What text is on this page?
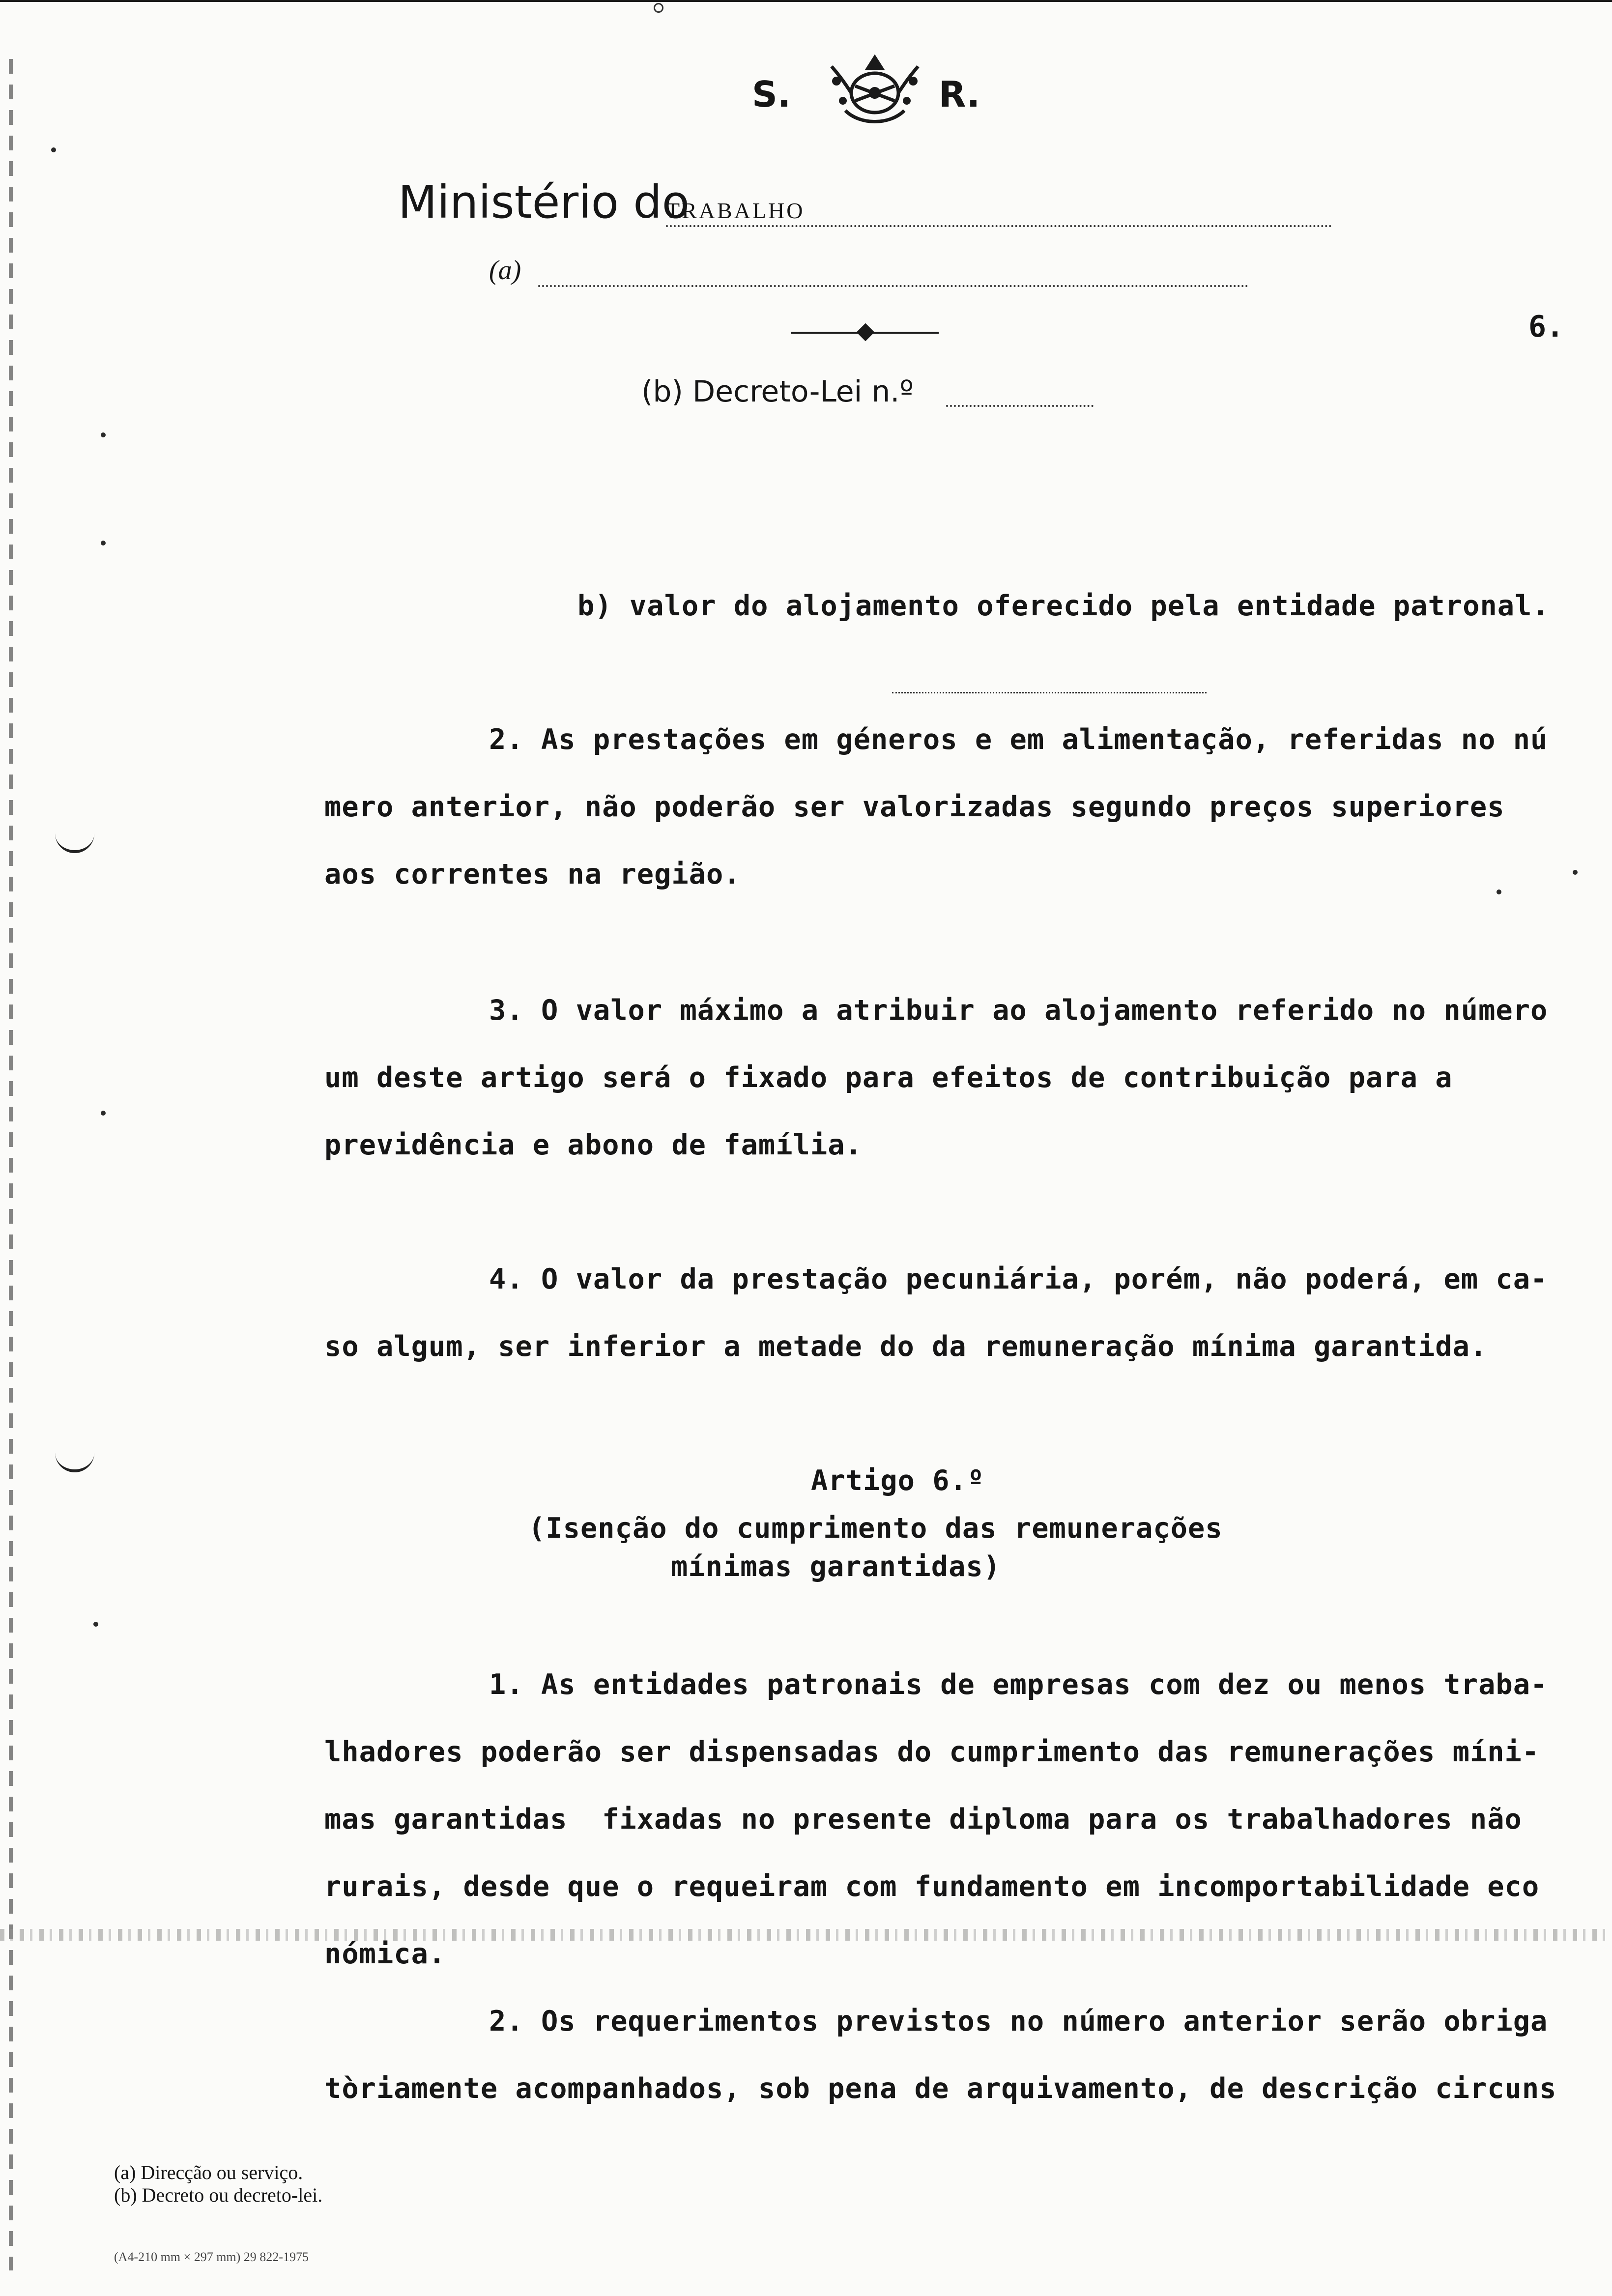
S.	R.
Ministério do
TRABALHO
(a)
6.
(b) Decreto-Lei n.º
b) valor do alojamento oferecido pela entidade patronal.
2. As prestações em géneros e em alimentação, referidas no nú
mero anterior, não poderão ser valorizadas segundo preços superiores
aos correntes na região.
3. O valor máximo a atribuir ao alojamento referido no número
um deste artigo será o fixado para efeitos de contribuição para a
previdência e abono de família.
4. O valor da prestação pecuniária, porém, não poderá, em ca-
so algum, ser inferior a metade do da remuneração mínima garantida.
Artigo 6.º
(Isenção do cumprimento das remunerações
mínimas garantidas)
1. As entidades patronais de empresas com dez ou menos traba-
lhadores poderão ser dispensadas do cumprimento das remunerações míni-
mas garantidas  fixadas no presente diploma para os trabalhadores não
rurais, desde que o requeiram com fundamento em incomportabilidade eco
nómica.
2. Os requerimentos previstos no número anterior serão obriga
tòriamente acompanhados, sob pena de arquivamento, de descrição circuns
(a) Direcção ou serviço.
(b) Decreto ou decreto-lei.
(A4-210 mm × 297 mm) 29 822-1975
